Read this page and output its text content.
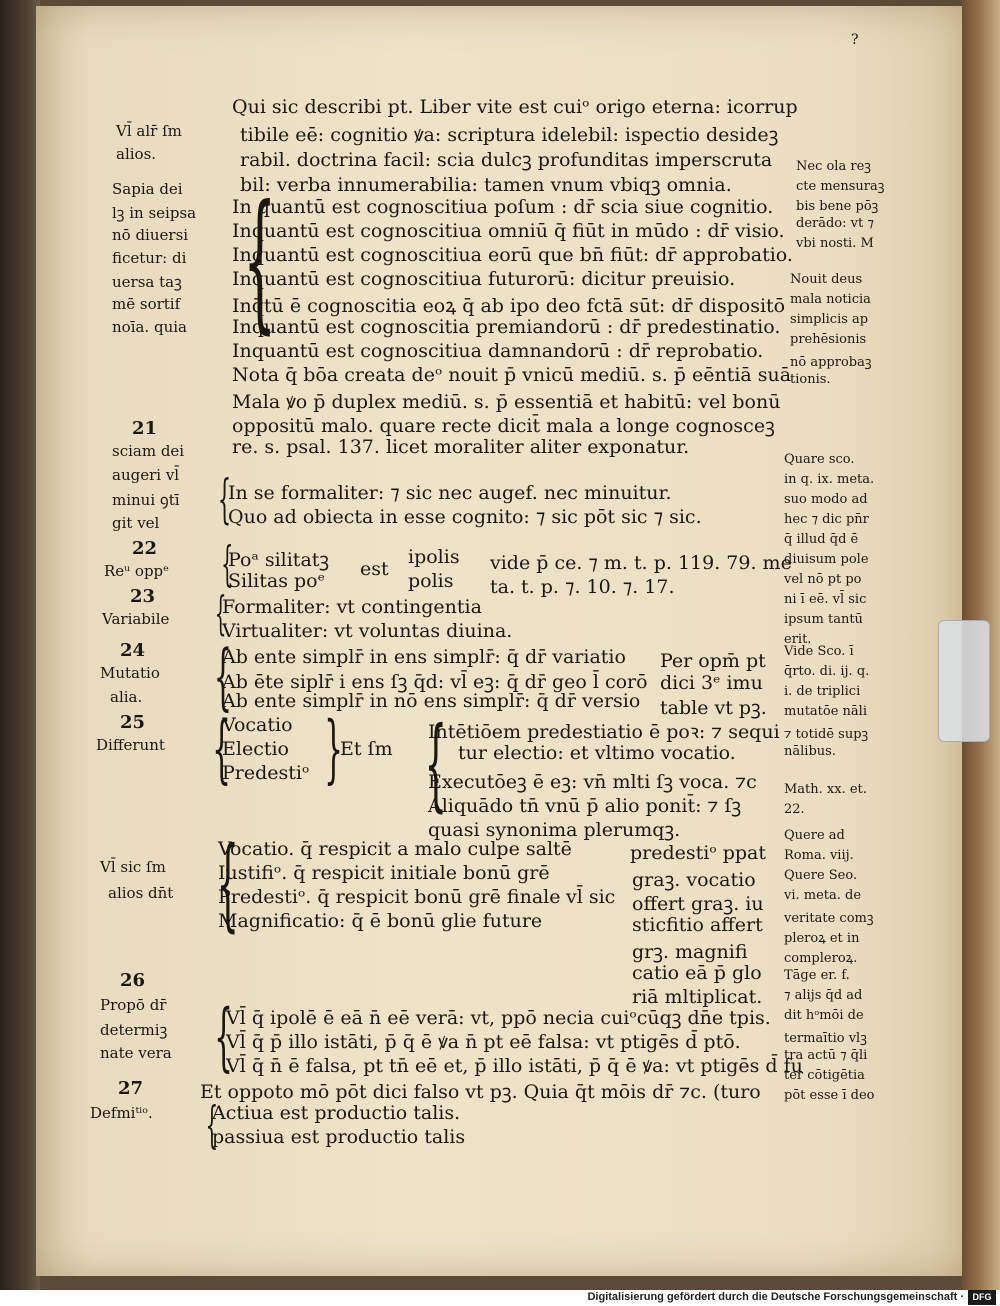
?
Qui sic describi pt. Liber vite est cuiᵒ origo eterna: icorrup
tibile eē: cognitio ꝟa: scriptura idelebil: ispectio desideꝫ
rabil. doctrina facil: scia dulcꝫ profunditas imperscruta
bil: verba innumerabilia: tamen vnum vbiqꝫ omnia.
In quantū est cognoscitiua poſum : dr̄ scia siue cognitio.
Inquantū est cognoscitiua omniū q̄ fiūt in mūdo : dr̄ visio.
Inquantū est cognoscitiua eorū que bn̄ fiūt: dr̄ approbatio.
Inquantū est cognoscitiua futurorū: dicitur preuisio.
Inq̄tū ē cognoscitia eoꝝ q̄ ab ipo deo fctā sūt: dr̄ dispositō
Inquantū est cognoscitia premiandorū : dr̄ predestinatio.
Inquantū est cognoscitiua damnandorū : dr̄ reprobatio.
Nota q̄ bōa creata deᵒ nouit p̄ vnicū mediū. s. p̄ eēntiā suā
Mala ꝟo p̄ duplex mediū. s. p̄ essentiā et habitū: vel bonū
oppositū malo. quare recte dicit̄ mala a longe cognosceꝫ
re. s. psal. 137. licet moraliter aliter exponatur.
In se formaliter: ⁊ sic nec augef. nec minuitur.
Quo ad obiecta in esse cognito: ⁊ sic pōt sic ⁊ sic.
Poᵃ silitatꝫ
Silitas poᵉ
est
ipolis
polis
vide p̄ ce. ⁊ m. t. p. 119. 79. me
ta. t. p. ⁊. 10. ⁊. 17.
Formaliter: vt contingentia
Virtualiter: vt voluntas diuina.
Ab ente simplr̄ in ens simplr̄: q̄ dr̄ variatio
Ab ēte siplr̄ i ens ſꝫ q̄d: vl̄ eꝫ: q̄ dr̄ geo l̄ corō
Ab ente simplr̄ in nō ens simplr̄: q̄ dr̄ versio
Per opm̄ pt
dici 3ᵉ imu
table vt pꝫ.
Vocatio
Electio
Predestiᵒ
Et ſm
Intētiōem predestiatio ē poꝛ: ⁊ sequi
tur electio: et vltimo vocatio.
Executōeꝫ ē eꝫ: vn̄ mlti ſꝫ voca. ⁊c
Aliquādo tn̄ vnū p̄ alio ponit̄: ⁊ ſꝫ
quasi synonima plerumqꝫ.
Vocatio. q̄ respicit a malo culpe saltē
Iustifiᵒ. q̄ respicit initiale bonū grē
Predestiᵒ. q̄ respicit bonū grē finale
Magnificatio: q̄ ē bonū glie future
vl̄ sic
predestiᵒ ppat
graꝫ. vocatio
offert graꝫ. iu
sticfitio affert
grꝫ. magnifi
catio eā p̄ glo
riā mltiplicat.
Vl̄ q̄ ipolē ē eā n̄ eē verā: vt, ppō necia cuiᵒcūqꝫ dn̄e tpis.
Vl̄ q̄ p̄ illo istāti, p̄ q̄ ē ꝟa n̄ pt eē falsa: vt ptigēs d̄ ptō.
Vl̄ q̄ n̄ ē falsa, pt tn̄ eē et, p̄ illo istāti, p̄ q̄ ē ꝟa: vt ptigēs d̄ fu
Et oppoto mō pōt dici falso vt pꝫ. Quia q̄t mōis dr̄ ⁊c. (turo
Actiua est productio talis.
passiua est productio talis
Vl̄ alr̄ ſm
alios.
Sapia dei
lꝫ in seipsa
nō diuersi
ficetur: di
uersa taꝫ
mē sortif
noīa. quia
21
sciam dei
augeri vl̄
minui ꝯtī
git vel
22
Reᵘ oppᵉ
23
Variabile
24
Mutatio
alia.
25
Differunt
Vl̄ sic ſm
alios dn̄t
26
Propō dr̄
determiꝫ
nate vera
27
Defmiᵗⁱᵒ.
Nec ola reꝫ
cte mensuraꝫ
bis bene pōꝫ
derādo: vt ⁊
vbi nosti. M
Nouit deus
mala noticia
simplicis ap
prehēsionis
nō approbaꝫ
tionis.
Quare sco.
in q. ix. meta.
suo modo ad
hec ⁊ dic pn̄r
q̄ illud q̄d ē
diuisum pole
vel nō pt po
ni ī eē. vl̄ sic
ipsum tantū
erit.
Vide Sco. ī
q̄rto. di. ij. q.
i. de triplici
mutatōe nāli
⁊ totidē supꝫ
nālibus.
Math. xx. et.
22.
Quere ad
Roma. viij.
Quere Seo.
vi. meta. de
veritate comꝫ
pleroꝝ et in
compleroꝝ.
Tāge er. f.
⁊ alijs q̄d ad
dit hᵒmōi de
termaītio vlꝫ
tra actū ⁊ q̄li
ter cōtigētia
pōt esse ī deo
{
{
{
{
{
{ } {
{
{
{
Digitalisierung gefördert durch die Deutsche Forschungsgemeinschaft · DFG
